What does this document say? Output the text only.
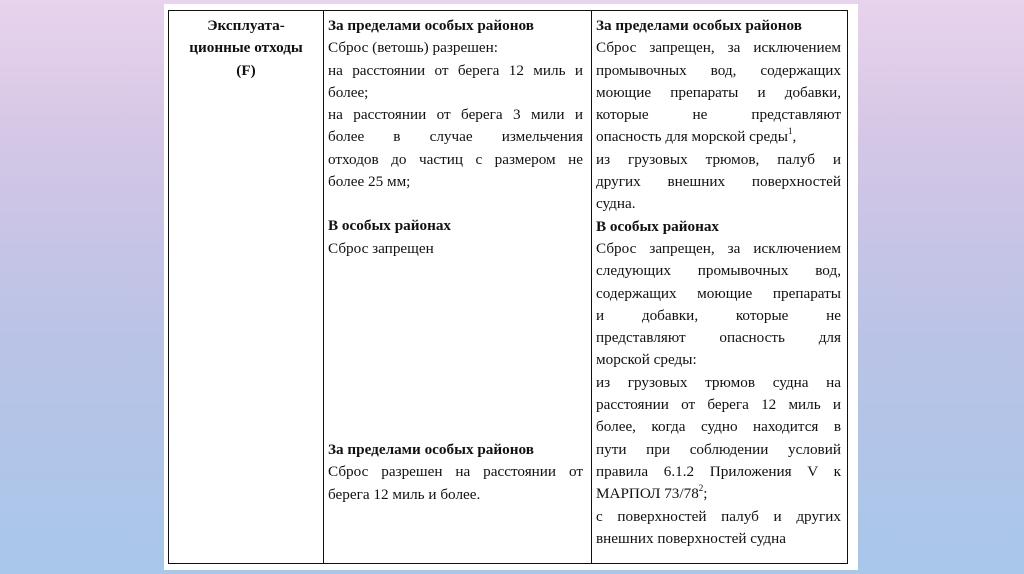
Эксплуата-
ционные отходы
(F)
За пределами особых районов
Сброс (ветошь) разрешен:
на расстоянии от берега 12 миль и
более;
на расстоянии от берега 3 мили и
более в случае измельчения
отходов до частиц с размером не
более 25 мм;
В особых районах
Сброс запрещен
За пределами особых районов
Сброс разрешен на расстоянии от
берега 12 миль и более.
За пределами особых районов
Сброс запрещен, за исключением
промывочных вод, содержащих
моющие препараты и добавки,
которые не представляют
опасность для морской среды$^1$,
из грузовых трюмов, палуб и
других внешних поверхностей
судна.
В особых районах
Сброс запрещен, за исключением
следующих промывочных вод,
содержащих моющие препараты
и добавки, которые не
представляют опасность для
морской среды:
из грузовых трюмов судна на
расстоянии от берега 12 миль и
более, когда судно находится в
пути при соблюдении условий
правила 6.1.2 Приложения V к
МАРПОЛ $73/78^2$;
с поверхностей палуб и других
внешних поверхностей судна
